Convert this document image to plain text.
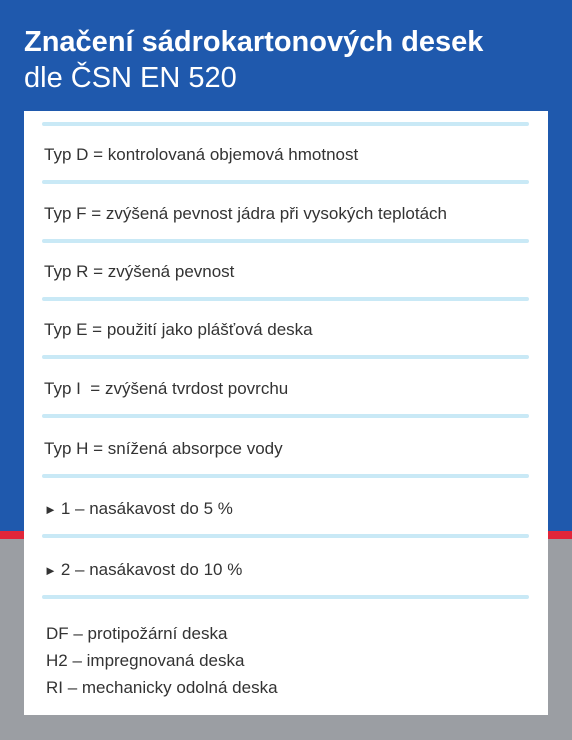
Značení sádrokartonových desek
dle ČSN EN 520
Typ D = kontrolovaná objemová hmotnost
Typ F = zvýšená pevnost jádra při vysokých teplotách
Typ R = zvýšená pevnost
Typ E = použití jako plášťová deska
Typ I  = zvýšená tvrdost povrchu
Typ H = snížená absorpce vody
► 1 – nasákavost do 5 %
► 2 – nasákavost do 10 %
DF – protipožární deska
H2 – impregnovaná deska
RI – mechanicky odolná deska
